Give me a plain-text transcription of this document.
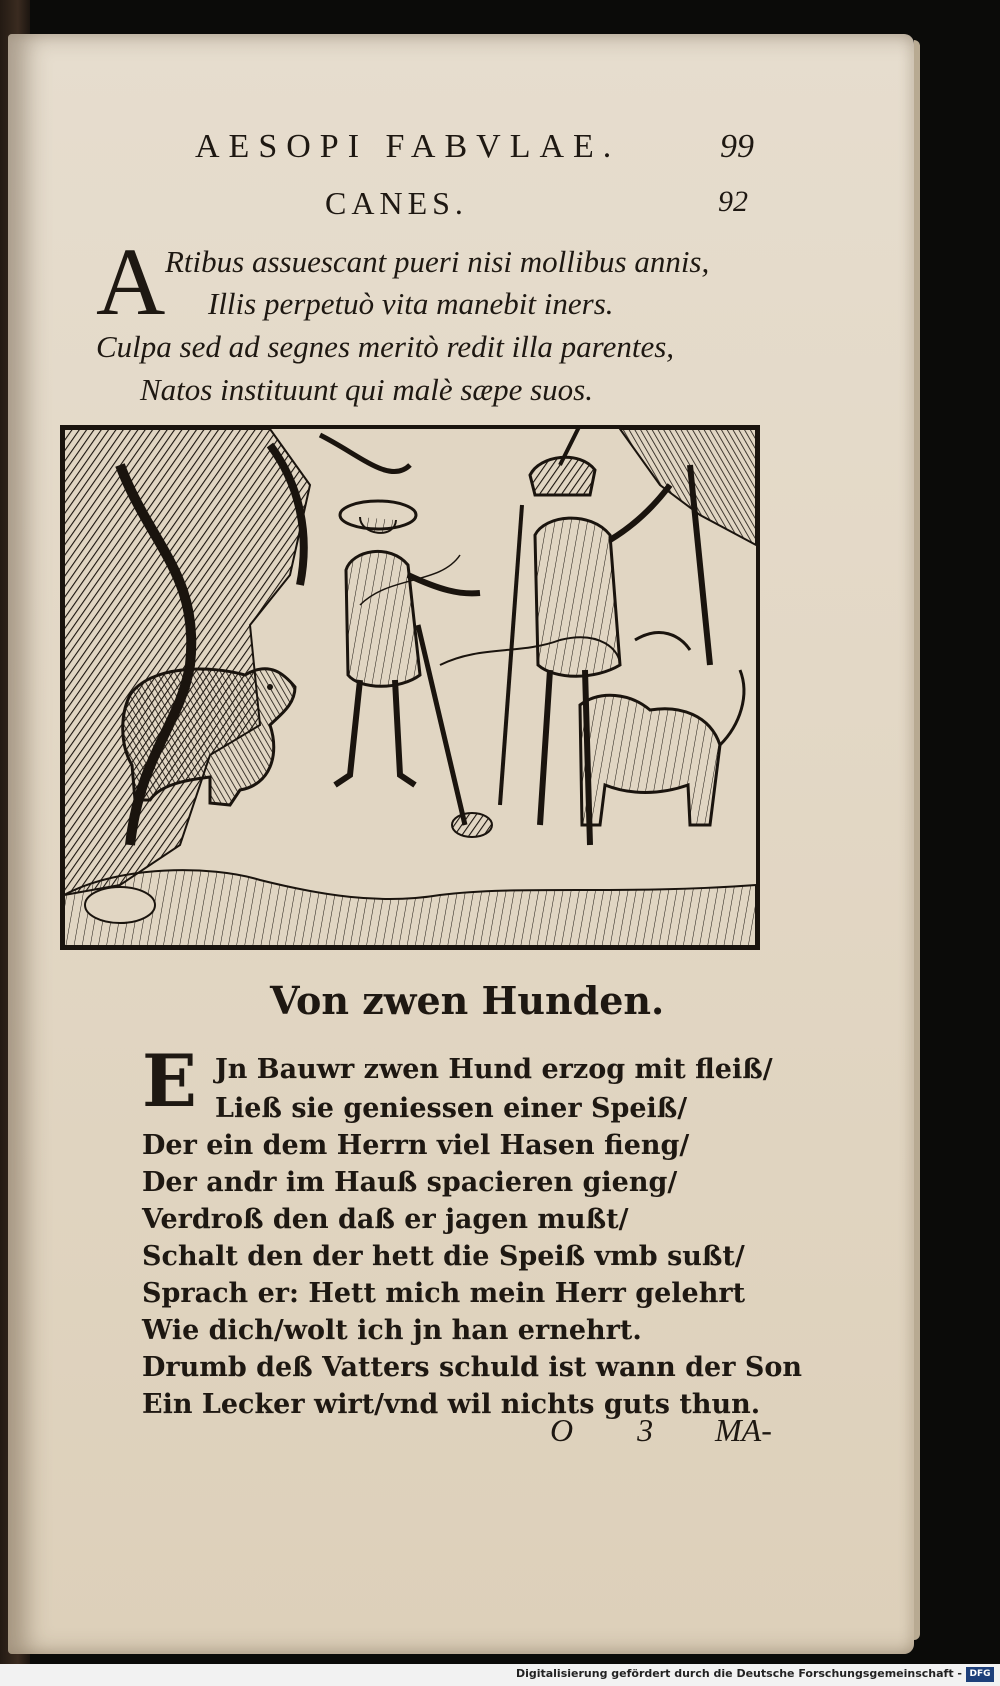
AESOPI FABVLAE.	99
CANES.	92
A Rtibus assuescant pueri nisi mollibus annis,
Illis perpetuò vita manebit iners.
Culpa sed ad segnes meritò redit illa parentes,
Natos instituunt qui malè sæpe suos.
Von zwen Hunden.
E Jn Bauwr zwen Hund erzog mit fleiß/
Ließ sie geniessen einer Speiß/
Der ein dem Herrn viel Hasen fieng/
Der andr im Hauß spacieren gieng/
Verdroß den daß er jagen mußt/
Schalt den der hett die Speiß vmb sußt/
Sprach er: Hett mich mein Herr gelehrt
Wie dich/wolt ich jn han ernehrt.
Drumb deß Vatters schuld ist wann der Son
Ein Lecker wirt/vnd wil nichts guts thun.
O 3 MA-
Digitalisierung gefördert durch die Deutsche Forschungsgemeinschaft - DFG
